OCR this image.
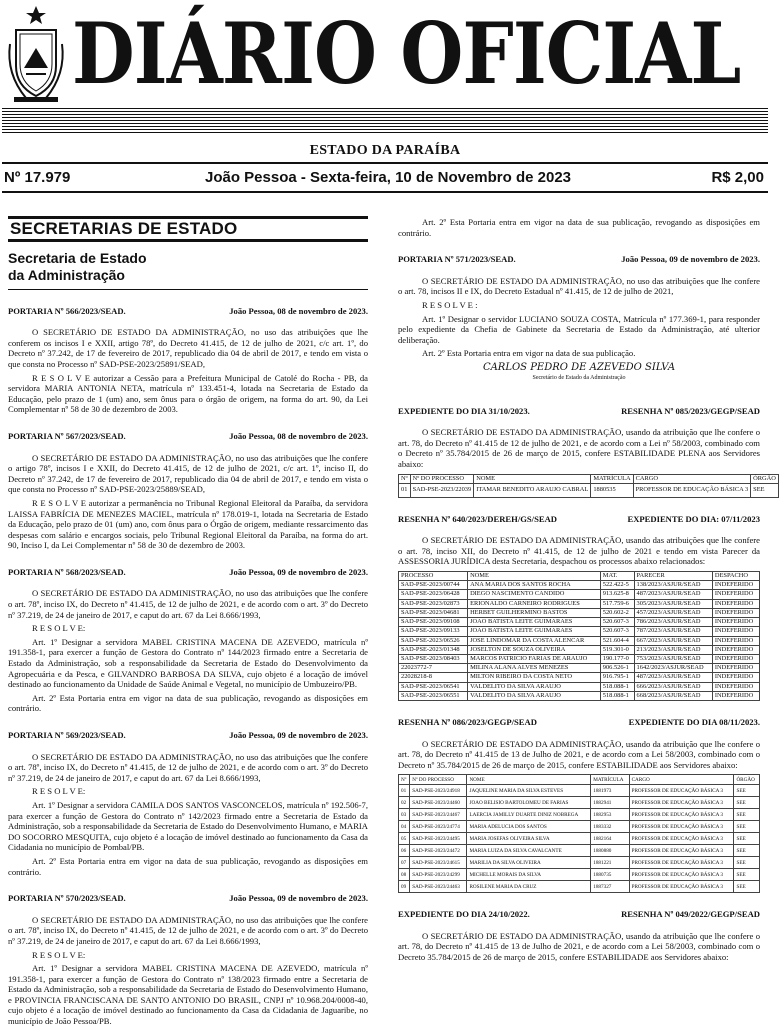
DIÁRIO OFICIAL
ESTADO DA PARAÍBA
Nº 17.979	João Pessoa - Sexta-feira, 10 de Novembro de 2023	R$ 2,00
SECRETARIAS DE ESTADO
Secretaria de Estado
da Administração
PORTARIA Nº 566/2023/SEAD.	João Pessoa, 08 de novembro de 2023.

O SECRETÁRIO DE ESTADO DA ADMINISTRAÇÃO, no uso das atribuições que lhe conferem os incisos I e XXII, artigo 78º, do Decreto 41.415, de 12 de julho de 2021, c/c art. 1º, do Decreto nº 37.242, de 17 de fevereiro de 2017, republicado dia 04 de abril de 2017, e tendo em vista o que consta no Processo nº SAD-PSE-2023/25891/SEAD,

R E S O L V E autorizar a Cessão para a Prefeitura Municipal de Catolé do Rocha - PB, da servidora MARIA ANTONIA NETA, matrícula nº 133.451-4, lotada na Secretaria de Estado da Educação, pelo prazo de 1 (um) ano, sem ônus para o órgão de origem, na forma do art. 90, da Lei Complementar nº 58 de 30 de dezembro de 2003.

PORTARIA Nº 567/2023/SEAD.	João Pessoa, 08 de novembro de 2023.

O SECRETÁRIO DE ESTADO DA ADMINISTRAÇÃO, no uso das atribuições que lhe confere o artigo 78º, incisos I e XXII, do Decreto 41.415, de 12 de julho de 2021, c/c art. 1º, inciso II, do Decreto nº 37.242, de 17 de fevereiro de 2017, republicado dia 04 de abril de 2017, e tendo em vista o que consta no Processo nº SAD-PSE-2023/25889/SEAD,

R E S O L V E autorizar a permanência no Tribunal Regional Eleitoral da Paraíba, da servidora LAISSA FABRÍCIA DE MENEZES MACIEL, matrícula nº 178.019-1, lotada na Secretaria de Estado da Educação, pelo prazo de 01 (um) ano, com ônus para o Órgão de origem, mediante ressarcimento das despesas com salário e encargos sociais, pelo Tribunal Regional Eleitoral da Paraíba, na forma do art. 90, Inciso I, da Lei Complementar nº 58 de 30 de dezembro de 2003.

PORTARIA Nº 568/2023/SEAD.	João Pessoa, 09 de novembro de 2023.

O SECRETÁRIO DE ESTADO DA ADMINISTRAÇÃO, no uso das atribuições que lhe confere o art. 78º, inciso IX, do Decreto nº 41.415, de 12 de julho de 2021, e de acordo com o art. 3º do Decreto nº 37.219, de 24 de janeiro de 2017, e caput do art. 67 da Lei 8.666/1993,

R E S O L V E:

Art. 1º Designar a servidora MABEL CRISTINA MACENA DE AZEVEDO, matrícula nº 191.358-1, para exercer a função de Gestora do Contrato nº 144/2023 firmado entre a Secretaria de Estado da Administração, sob a responsabilidade da Secretaria de Estado do Desenvolvimento da Agropecuária e da Pesca, e GILVANDRO BARBOSA DA SILVA, cujo objeto é a locação de imóvel destinado ao funcionamento da Unidade de Saúde Animal e Vegetal, no município de Umbuzeiro/PB.

Art. 2º Esta Portaria entra em vigor na data de sua publicação, revogando as disposições em contrário.

PORTARIA Nº 569/2023/SEAD.	João Pessoa, 09 de novembro de 2023.

O SECRETÁRIO DE ESTADO DA ADMINISTRAÇÃO, no uso das atribuições que lhe confere o art. 78º, inciso IX, do Decreto nº 41.415, de 12 de julho de 2021, e de acordo com o art. 3º do Decreto nº 37.219, de 24 de janeiro de 2017, e caput do art. 67 da Lei 8.666/1993,

R E S O L V E:

Art. 1º Designar a servidora CAMILA DOS SANTOS VASCONCELOS, matrícula nº 192.506-7, para exercer a função de Gestora do Contrato nº 142/2023 firmado entre a Secretaria de Estado da Administração, sob a responsabilidade da Secretaria de Estado do Desenvolvimento Humano, e MARIA DO SOCORRO MESQUITA, cujo objeto é a locação de imóvel destinado ao funcionamento da Casa da Cidadania no município de Pombal/PB.

Art. 2º Esta Portaria entra em vigor na data de sua publicação, revogando as disposições em contrário.

PORTARIA Nº 570/2023/SEAD.	João Pessoa, 09 de novembro de 2023.

O SECRETÁRIO DE ESTADO DA ADMINISTRAÇÃO, no uso das atribuições que lhe confere o art. 78º, inciso IX, do Decreto nº 41.415, de 12 de julho de 2021, e de acordo com o art. 3º do Decreto nº 37.219, de 24 de janeiro de 2017, e caput do art. 67 da Lei 8.666/1993,

R E S O L V E:

Art. 1º Designar a servidora MABEL CRISTINA MACENA DE AZEVEDO, matrícula nº 191.358-1, para exercer a função de Gestora do Contrato nº 138/2023 firmado entre a Secretaria de Estado da Administração, sob a responsabilidade da Secretaria de Estado do Desenvolvimento Humano, e PROVINCIA FRANCISCANA DE SANTO ANTONIO DO BRASIL, CNPJ nº 10.968.204/0008-40, cujo objeto é a locação de imóvel destinado ao funcionamento da Casa da Cidadania de Jaguaribe, no município de João Pessoa/PB.

Art. 2º Esta Portaria entra em vigor na data de sua publicação, revogando as disposições em contrário.

PORTARIA Nº 571/2023/SEAD.	João Pessoa, 09 de novembro de 2023.

O SECRETÁRIO DE ESTADO DA ADMINISTRAÇÃO, no uso das atribuições que lhe confere o art. 78, incisos II e IX, do Decreto Estadual nº 41.415, de 12 de julho de 2021,

R E S O L V E :

Art. 1º Designar o servidor LUCIANO SOUZA COSTA, Matrícula nº 177.369-1, para responder pelo expediente da Chefia de Gabinete da Secretaria de Estado da Administração, até ulterior deliberação.

Art. 2º Esta Portaria entra em vigor na data de sua publicação.

CARLOS PEDRO DE AZEVEDO SILVA
Secretário de Estado da Administração
EXPEDIENTE DO DIA 31/10/2023.	RESENHA Nº 085/2023/GEGP/SEAD

O SECRETÁRIO DE ESTADO DA ADMINISTRAÇÃO, usando da atribuição que lhe confere o art. 78, do Decreto nº 41.415 de 12 de julho de 2021, e de acordo com a Lei nº 58/2003, combinado com o Decreto nº 35.784/2015 de 26 de março de 2015, confere ESTABILIDADE PLENA aos Servidores abaixo:

Nº	Nº DO PROCESSO	NOME	MATRÍCULA	CARGO	ÓRGÃO
01	SAD-PSE-2023/22039	ITAMAR BENEDITO ARAUJO CABRAL	1880535	PROFESSOR DE EDUCAÇÃO BÁSICA 3	SEE
RESENHA Nº 640/2023/DEREH/GS/SEAD	EXPEDIENTE DO DIA: 07/11/2023

O SECRETÁRIO DE ESTADO DA ADMINISTRAÇÃO, usando das atribuições que lhe confere o art. 78, inciso XII, do Decreto nº 41.415, de 12 de julho de 2021 e tendo em vista Parecer da ASSESSORIA JURÍDICA desta Secretaria, despachou os processos abaixo relacionados:

PROCESSO	NOME	MAT.	PARECER	DESPACHO
SAD-PSE-2023/00744	ANA MARIA DOS SANTOS ROCHA	522.422-5	138/2023/ASJUR/SEAD	INDEFERIDO
SAD-PSE-2023/06428	DIEGO NASCIMENTO CANDIDO	913.625-8	487/2023/ASJUR/SEAD	INDEFERIDO
SAD-PSE-2023/02873	ERIONALDO CARNEIRO RODRIGUES	517.759-6	305/2023/ASJUR/SEAD	INDEFERIDO
SAD-PSE-2023/04681	HERBET GUILHERMINO BASTOS	520.602-2	457/2023/ASJUR/SEAD	INDEFERIDO
SAD-PSE-2023/09108	JOAO BATISTA LEITE GUIMARAES	520.607-3	786/2023/ASJUR/SEAD	INDEFERIDO
SAD-PSE-2023/09133	JOAO BATISTA LEITE GUIMARAES	520.607-3	787/2023/ASJUR/SEAD	INDEFERIDO
SAD-PSE-2023/06526	JOSE LINDOMAR DA COSTA ALENCAR	521.604-4	667/2023/ASJUR/SEAD	INDEFERIDO
SAD-PSE-2023/01348	JOSELTON DE SOUZA OLIVEIRA	519.301-0	213/2023/ASJUR/SEAD	INDEFERIDO
SAD-PSE-2023/08403	MARCOS PATRICIO FARIAS DE ARAUJO	190.177-0	753/2023/ASJUR/SEAD	INDEFERIDO
22023772-7	MILINA ALANA ALVES MENEZES	906.526-1	1642/2023/ASJUR/SEAD	INDEFERIDO
22028218-8	MILTON RIBEIRO DA COSTA NETO	916.795-1	487/2023/ASJUR/SEAD	INDEFERIDO
SAD-PSE-2023/06541	VALDELITO DA SILVA ARAUJO	518.088-1	666/2023/ASJUR/SEAD	INDEFERIDO
SAD-PSE-2023/06551	VALDELITO DA SILVA ARAUJO	518.088-1	668/2023/ASJUR/SEAD	INDEFERIDO
RESENHA Nº 086/2023/GEGP/SEAD	EXPEDIENTE DO DIA 08/11/2023.

O SECRETÁRIO DE ESTADO DA ADMINISTRAÇÃO, usando da atribuição que lhe confere o art. 78, do Decreto nº 41.415 de 13 de Julho de 2021, e de acordo com a Lei 58/2003, combinado com o Decreto nº 35.784/2015 de 26 de março de 2015, confere ESTABILIDADE aos Servidores abaixo:

Nº	Nº DO PROCESSO	NOME	MATRÍCULA	CARGO	ÓRGÃO
01	SAD-PSE-2023/24918	JAQUELINE MARIA DA SILVA ESTEVES	1881973	PROFESSOR DE EDUCAÇÃO BÁSICA 3	SEE
02	SAD-PSE-2023/24460	JOAO BELISIO BARTOLOMEU DE FARIAS	1882941	PROFESSOR DE EDUCAÇÃO BÁSICA 3	SEE
03	SAD-PSE-2023/24467	LAERCIA JAMILLY DUARTE DINIZ NOBREGA	1882953	PROFESSOR DE EDUCAÇÃO BÁSICA 3	SEE
04	SAD-PSE-2023/24774	MARIA ADELUCIA DOS SANTOS	1883332	PROFESSOR DE EDUCAÇÃO BÁSICA 3	SEE
05	SAD-PSE-2023/24495	MARIA JOSEFAS OLIVEIRA SILVA	1882164	PROFESSOR DE EDUCAÇÃO BÁSICA 3	SEE
06	SAD-PSE-2023/24472	MARIA LUIZA DA SILVA CAVALCANTE	1880880	PROFESSOR DE EDUCAÇÃO BÁSICA 3	SEE
07	SAD-PSE-2023/24615	MARILIA DA SILVA OLIVEIRA	1881221	PROFESSOR DE EDUCAÇÃO BÁSICA 3	SEE
08	SAD-PSE-2023/24299	MICHELLE MORAIS DA SILVA	1880735	PROFESSOR DE EDUCAÇÃO BÁSICA 3	SEE
09	SAD-PSE-2023/24463	ROSILENE MARIA DA CRUZ	1887327	PROFESSOR DE EDUCAÇÃO BÁSICA 3	SEE
EXPEDIENTE DO DIA 24/10/2022.	RESENHA Nº 049/2022/GEGP/SEAD

O SECRETÁRIO DE ESTADO DA ADMINISTRAÇÃO, usando da atribuição que lhe confere o art. 78, do Decreto nº 41.415 de 13 de Julho de 2021, e de acordo com a Lei 58/2003, combinado com o Decreto 35.784/2015 de 26 de março de 2015, confere ESTABILIDADE aos Servidores abaixo:
